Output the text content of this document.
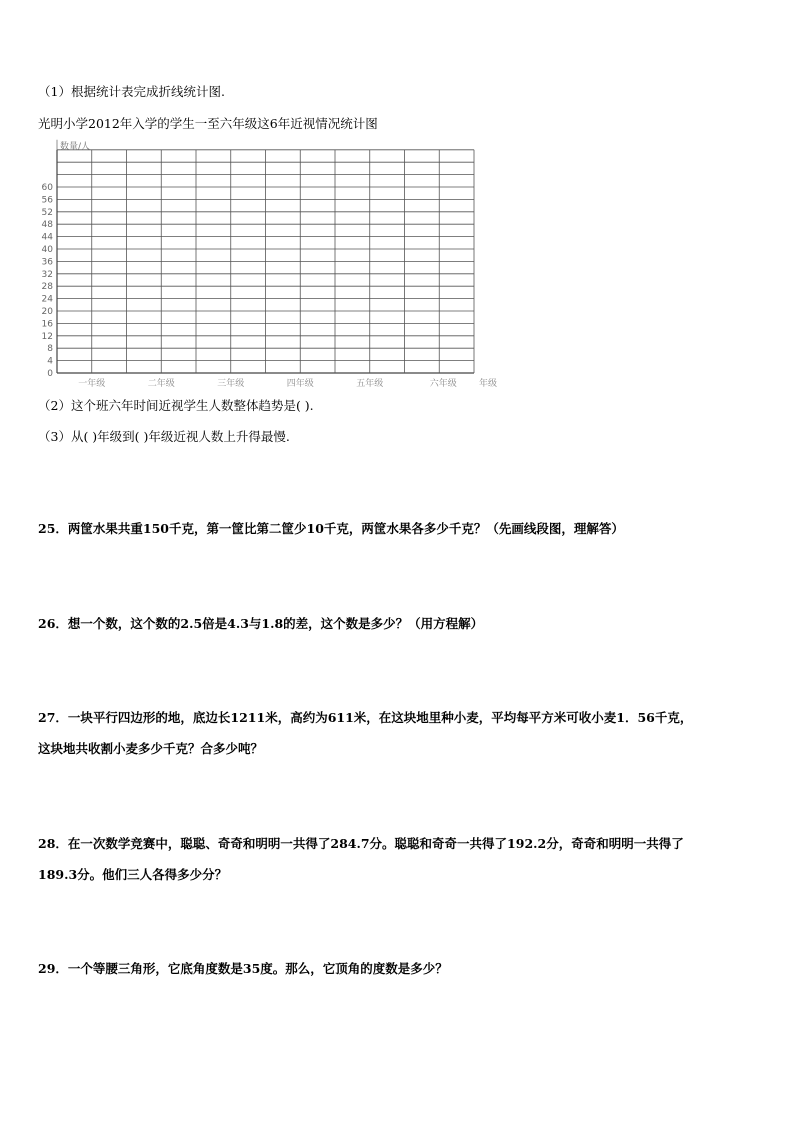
（1）根据统计表完成折线统计图.
光明小学2012年入学的学生一至六年级这6年近视情况统计图
0
4
8
12
16
20
24
28
32
36
40
44
48
52
56
60
数量/人
一年级	二年级	三年级	四年级	五年级	六年级 年级
（2）这个班六年时间近视学生人数整体趋势是( ).
（3）从( )年级到( )年级近视人数上升得最慢.
25．两筐水果共重150千克，第一筐比第二筐少10千克，两筐水果各多少千克？（先画线段图，理解答）
26．想一个数，这个数的2.5倍是4.3与1.8的差，这个数是多少？（用方程解）
27．一块平行四边形的地，底边长1211米，高约为611米，在这块地里种小麦，平均每平方米可收小麦1．56千克，
这块地共收割小麦多少千克？合多少吨？
28．在一次数学竞赛中，聪聪、奇奇和明明一共得了284.7分。聪聪和奇奇一共得了192.2分，奇奇和明明一共得了
189.3分。他们三人各得多少分？
29．一个等腰三角形，它底角度数是35度。那么，它顶角的度数是多少？
